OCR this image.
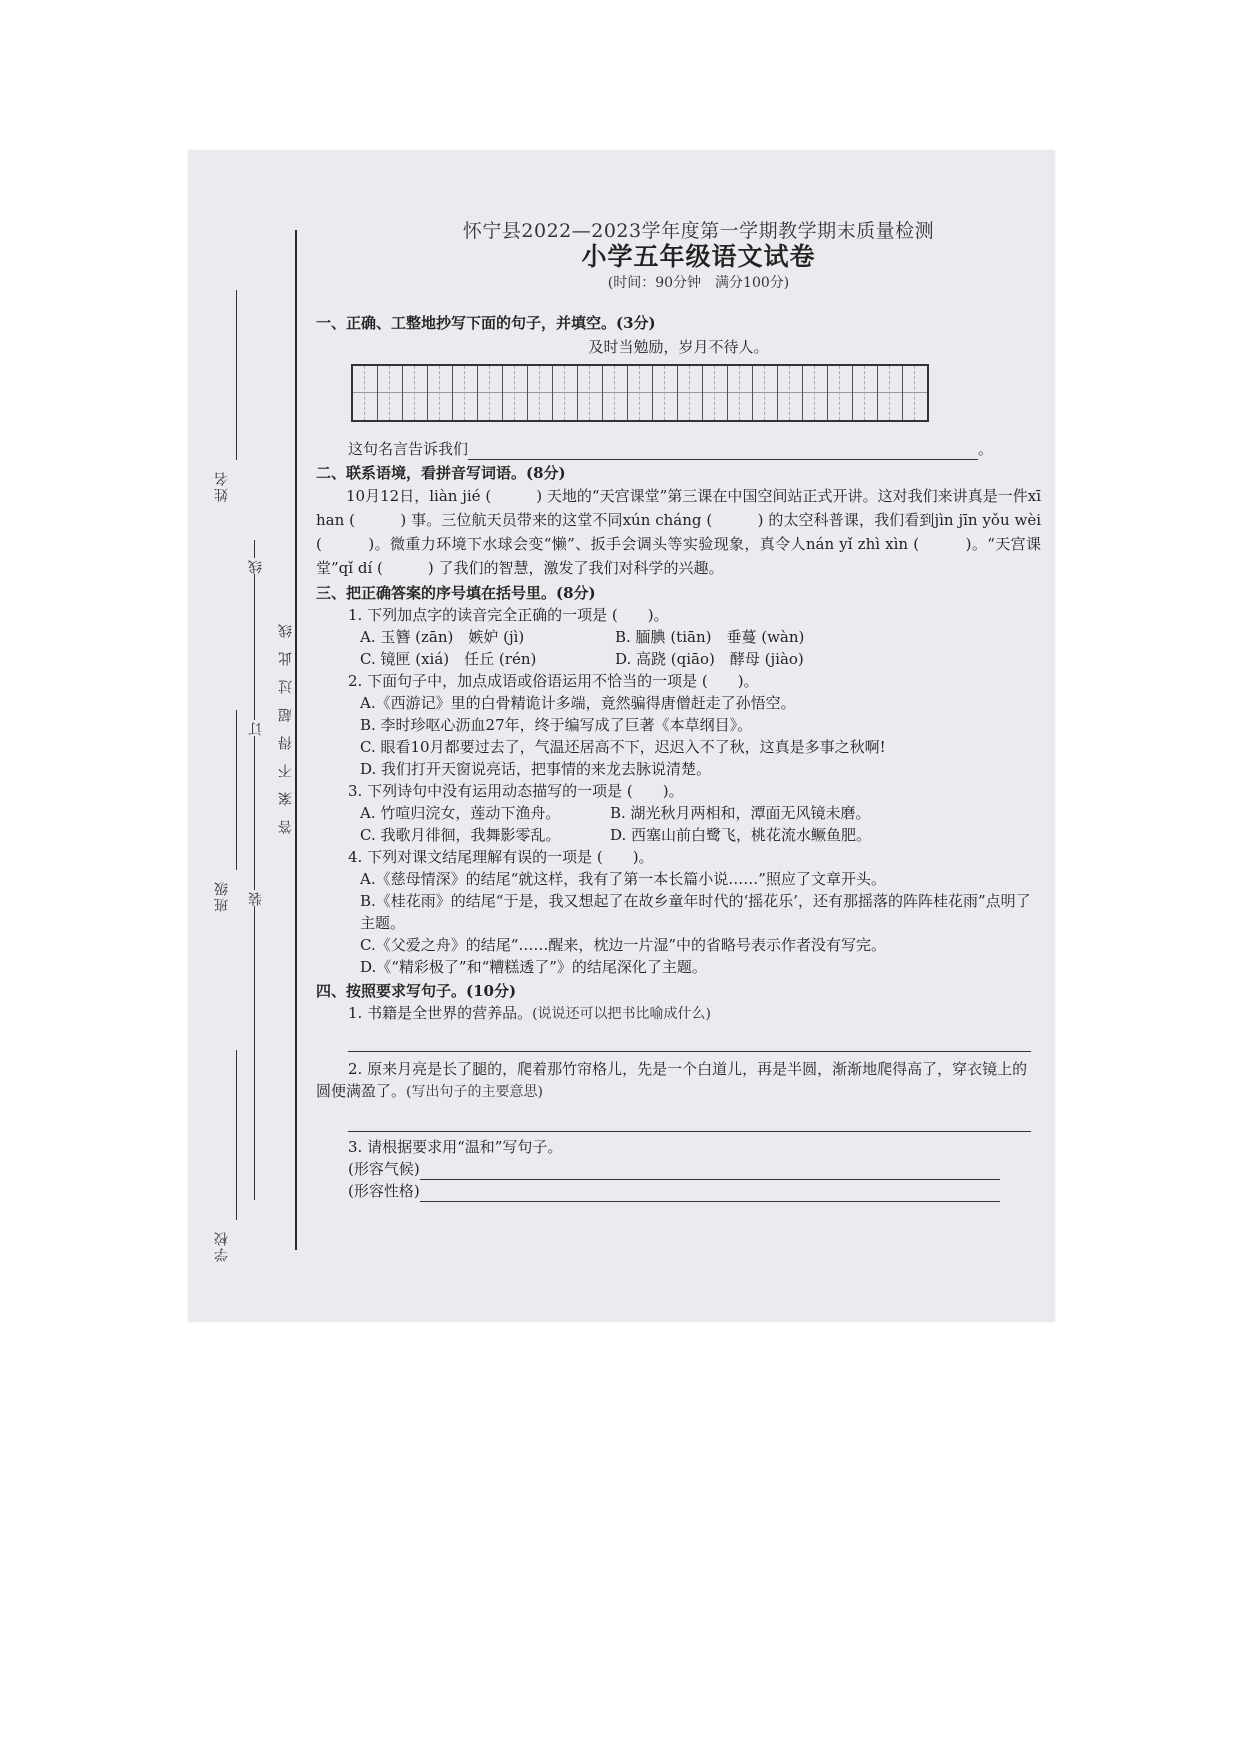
姓名
班级
学校
线
订
装
答案不得超过此线
怀宁县2022—2023学年度第一学期教学期末质量检测
小学五年级语文试卷
(时间：90分钟　满分100分)
一、正确、工整地抄写下面的句子，并填空。(3分)
及时当勉励，岁月不待人。

这句名言告诉我们	。

二、联系语境，看拼音写词语。(8分)

10月12日，liàn jié (　　　) 天地的“天宫课堂”第三课在中国空间站正式开讲。这对我们来讲真是一件xī han (　　　) 事。三位航天员带来的这堂不同xún cháng (　　　) 的太空科普课，我们看到jìn jīn yǒu wèi (　　　)。微重力环境下水球会变“懒”、扳手会调头等实验现象，真令人nán yǐ zhì xìn (　　　)。“天宫课堂”qǐ dí (　　　) 了我们的智慧，激发了我们对科学的兴趣。

三、把正确答案的序号填在括号里。(8分)

1. 下列加点字的读音完全正确的一项是 (　　)。

A. 玉簪 (zān)　嫉妒 (jì)	B. 腼腆 (tiān)　垂蔓 (wàn)
C. 镜匣 (xiá)　任丘 (rén)	D. 高跷 (qiāo)　酵母 (jiào)

2. 下面句子中，加点成语或俗语运用不恰当的一项是 (　　)。

A.《西游记》里的白骨精诡计多端，竟然骗得唐僧赶走了孙悟空。

B. 李时珍呕心沥血27年，终于编写成了巨著《本草纲目》。

C. 眼看10月都要过去了，气温还居高不下，迟迟入不了秋，这真是多事之秋啊!

D. 我们打开天窗说亮话，把事情的来龙去脉说清楚。

3. 下列诗句中没有运用动态描写的一项是 (　　)。

A. 竹喧归浣女，莲动下渔舟。	B. 湖光秋月两相和，潭面无风镜未磨。
C. 我歌月徘徊，我舞影零乱。	D. 西塞山前白鹭飞，桃花流水鳜鱼肥。

4. 下列对课文结尾理解有误的一项是 (　　)。

A.《慈母情深》的结尾“就这样，我有了第一本长篇小说……”照应了文章开头。

B.《桂花雨》的结尾“于是，我又想起了在故乡童年时代的‘摇花乐’，还有那摇落的阵阵桂花雨”点明了主题。

C.《父爱之舟》的结尾“……醒来，枕边一片湿”中的省略号表示作者没有写完。

D.《“精彩极了”和“糟糕透了”》的结尾深化了主题。

四、按照要求写句子。(10分)

1. 书籍是全世界的营养品。(说说还可以把书比喻成什么)

2. 原来月亮是长了腿的，爬着那竹帘格儿，先是一个白道儿，再是半圆，渐渐地爬得高了，穿衣镜上的圆便满盈了。(写出句子的主要意思)

3. 请根据要求用“温和”写句子。

(形容气候)

(形容性格)
